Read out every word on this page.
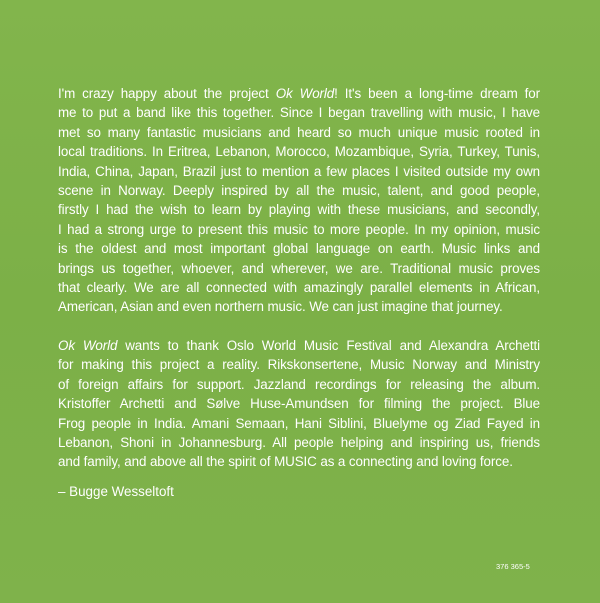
I'm crazy happy about the project Ok World! It's been a long-time dream for
me to put a band like this together. Since I began travelling with music, I have
met so many fantastic musicians and heard so much unique music rooted in
local traditions. In Eritrea, Lebanon, Morocco, Mozambique, Syria, Turkey, Tunis,
India, China, Japan, Brazil just to mention a few places I visited outside my own
scene in Norway. Deeply inspired by all the music, talent, and good people,
firstly I had the wish to learn by playing with these musicians, and secondly,
I had a strong urge to present this music to more people. In my opinion, music
is the oldest and most important global language on earth. Music links and
brings us together, whoever, and wherever, we are. Traditional music proves
that clearly. We are all connected with amazingly parallel elements in African,
American, Asian and even northern music. We can just imagine that journey.

Ok World wants to thank Oslo World Music Festival and Alexandra Archetti
for making this project a reality. Rikskonsertene, Music Norway and Ministry
of foreign affairs for support. Jazzland recordings for releasing the album.
Kristoffer Archetti and Sølve Huse-Amundsen for filming the project. Blue
Frog people in India. Amani Semaan, Hani Siblini, Bluelyme og Ziad Fayed in
Lebanon, Shoni in Johannesburg. All people helping and inspiring us, friends
and family, and above all the spirit of MUSIC as a connecting and loving force.

– Bugge Wesseltoft

376 365-5
